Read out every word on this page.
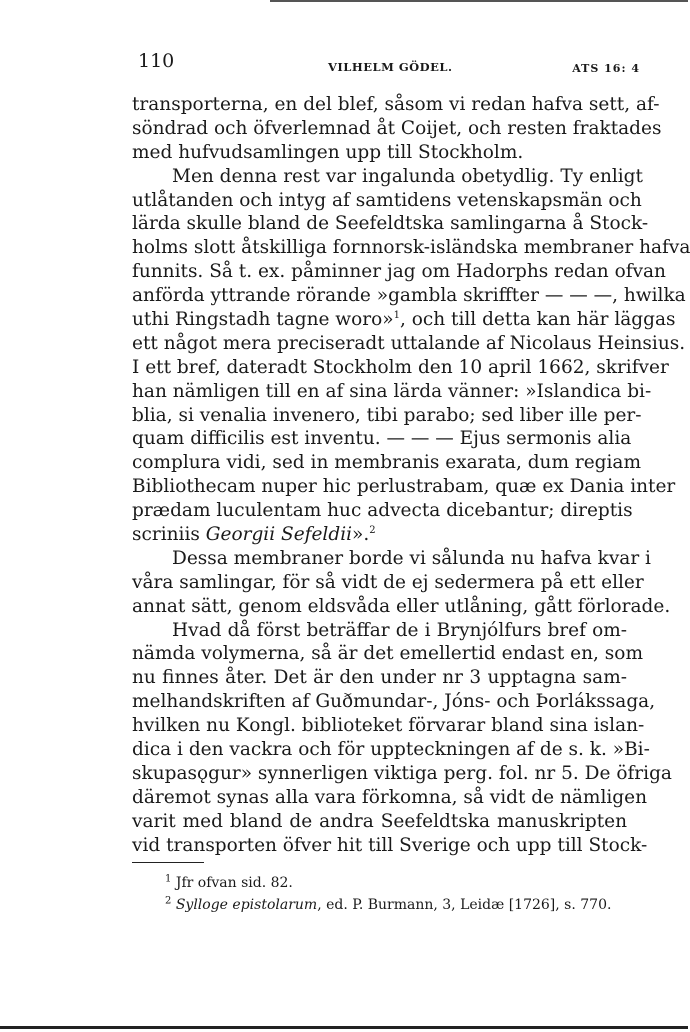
110	VILHELM GÖDEL.	ATS 16: 4
transporterna, en del blef, såsom vi redan hafva sett, af-
söndrad och öfverlemnad åt Coijet, och resten fraktades
med hufvudsamlingen upp till Stockholm.
Men denna rest var ingalunda obetydlig. Ty enligt
utlåtanden och intyg af samtidens vetenskapsmän och
lärda skulle bland de Seefeldtska samlingarna å Stock-
holms slott åtskilliga fornnorsk-isländska membraner hafva
funnits. Så t. ex. påminner jag om Hadorphs redan ofvan
anförda yttrande rörande »gambla skriffter — — —, hwilka
uthi Ringstadh tagne woro»$^1$, och till detta kan här läggas
ett något mera preciseradt uttalande af Nicolaus Heinsius.
I ett bref, dateradt Stockholm den 10 april 1662, skrifver
han nämligen till en af sina lärda vänner: »Islandica bi-
blia, si venalia invenero, tibi parabo; sed liber ille per-
quam difficilis est inventu. — — — Ejus sermonis alia
complura vidi, sed in membranis exarata, dum regiam
Bibliothecam nuper hic perlustrabam, quæ ex Dania inter
prædam luculentam huc advecta dicebantur; direptis
scriniis Georgii Sefeldii».$^2$
Dessa membraner borde vi sålunda nu hafva kvar i
våra samlingar, för så vidt de ej sedermera på ett eller
annat sätt, genom eldsvåda eller utlåning, gått förlorade.
Hvad då först beträffar de i Brynjólfurs bref om-
nämda volymerna, så är det emellertid endast en, som
nu finnes åter. Det är den under nr 3 upptagna sam-
melhandskriften af Guðmundar-, Jóns- och Þorlákssaga,
hvilken nu Kongl. biblioteket förvarar bland sina islan-
dica i den vackra och för uppteckningen af de s. k. »Bi-
skupasǫgur» synnerligen viktiga perg. fol. nr 5. De öfriga
däremot synas alla vara förkomna, så vidt de nämligen
varit med bland de andra Seefeldtska manuskripten
vid transporten öfver hit till Sverige och upp till Stock-
$^1$ Jfr ofvan sid. 82.
$^2$ Sylloge epistolarum, ed. P. Burmann, 3, Leidæ [1726], s. 770.
